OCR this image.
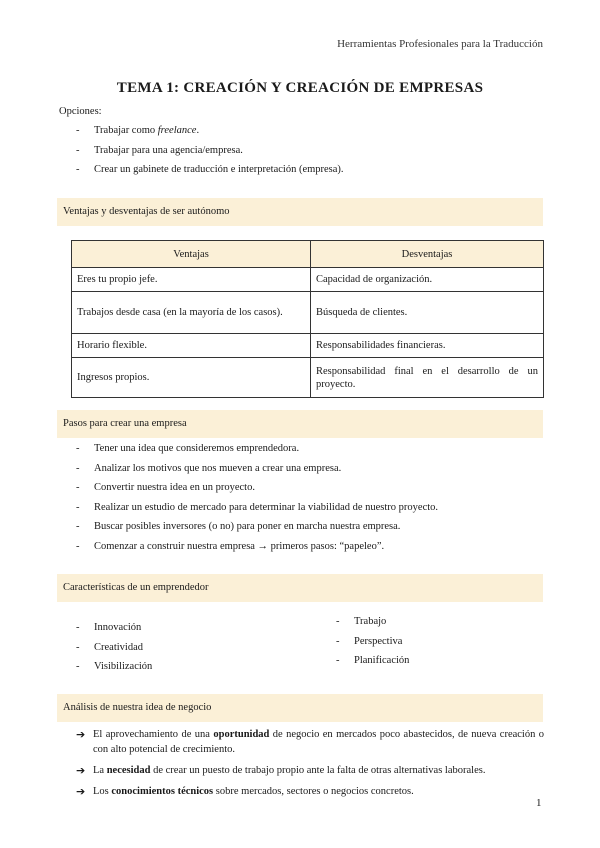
Herramientas Profesionales para la Traducción
TEMA 1: CREACIÓN Y CREACIÓN DE EMPRESAS
Opciones:
- Trabajar como freelance.
- Trabajar para una agencia/empresa.
- Crear un gabinete de traducción e interpretación (empresa).
Ventajas y desventajas de ser autónomo
Ventajas	Desventajas
Eres tu propio jefe.	Capacidad de organización.
Trabajos desde casa (en la mayoría de los casos).	Búsqueda de clientes.
Horario flexible.	Responsabilidades financieras.
Ingresos propios.	Responsabilidad final en el desarrollo de un proyecto.
Pasos para crear una empresa
- Tener una idea que consideremos emprendedora.
- Analizar los motivos que nos mueven a crear una empresa.
- Convertir nuestra idea en un proyecto.
- Realizar un estudio de mercado para determinar la viabilidad de nuestro proyecto.
- Buscar posibles inversores (o no) para poner en marcha nuestra empresa.
- Comenzar a construir nuestra empresa → primeros pasos: “papeleo”.
Características de un emprendedor
- Innovación
- Creatividad
- Visibilización
- Trabajo
- Perspectiva
- Planificación
Análisis de nuestra idea de negocio
➔ El aprovechamiento de una oportunidad de negocio en mercados poco abastecidos, de nueva creación o con alto potencial de crecimiento.
➔ La necesidad de crear un puesto de trabajo propio ante la falta de otras alternativas laborales.
➔ Los conocimientos técnicos sobre mercados, sectores o negocios concretos.
1
